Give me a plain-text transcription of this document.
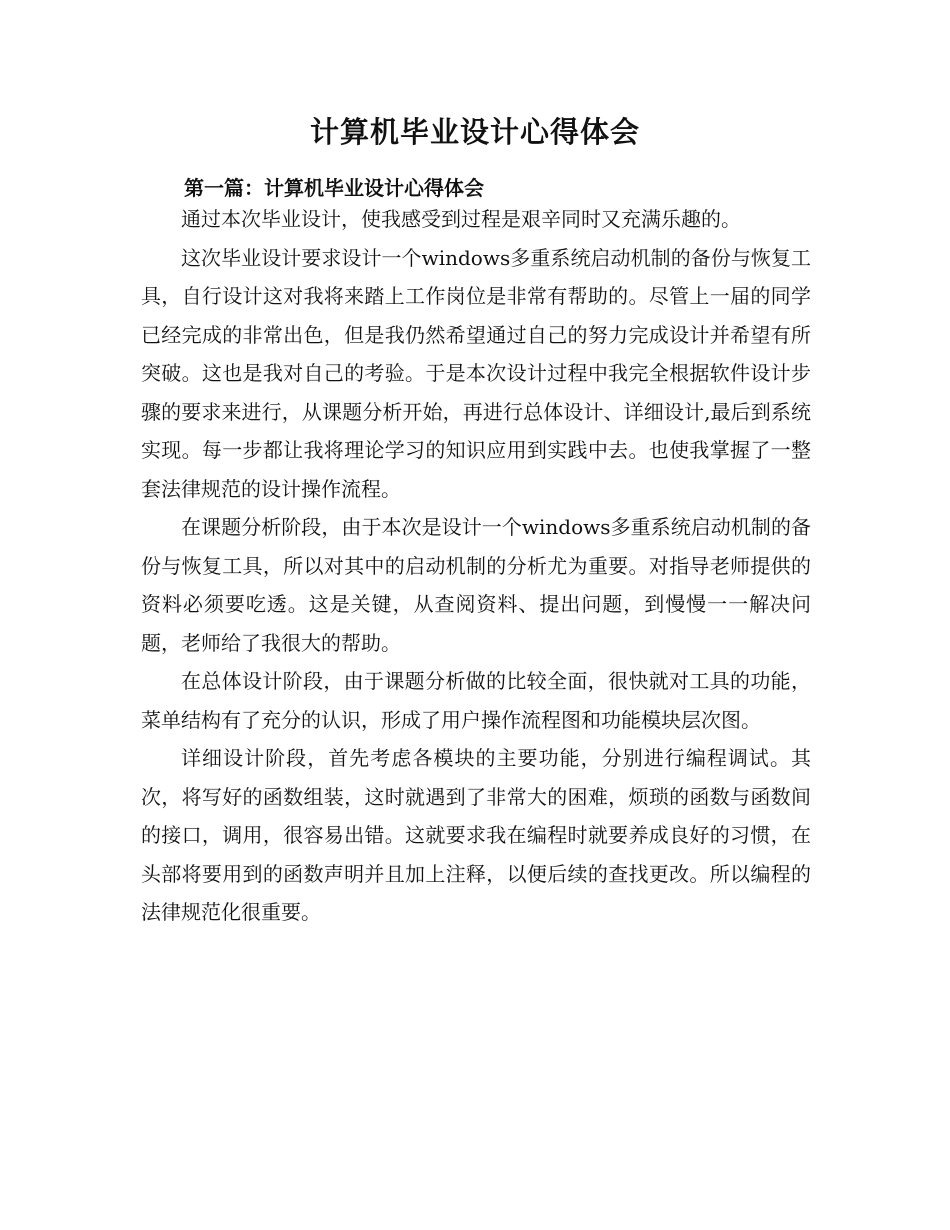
计算机毕业设计心得体会
第一篇：计算机毕业设计心得体会

通过本次毕业设计，使我感受到过程是艰辛同时又充满乐趣的。

这次毕业设计要求设计一个windows多重系统启动机制的备份与恢复工具，自行设计这对我将来踏上工作岗位是非常有帮助的。尽管上一届的同学已经完成的非常出色，但是我仍然希望通过自己的努力完成设计并希望有所突破。这也是我对自己的考验。于是本次设计过程中我完全根据软件设计步骤的要求来进行，从课题分析开始，再进行总体设计、详细设计,最后到系统实现。每一步都让我将理论学习的知识应用到实践中去。也使我掌握了一整套法律规范的设计操作流程。

在课题分析阶段，由于本次是设计一个windows多重系统启动机制的备份与恢复工具，所以对其中的启动机制的分析尤为重要。对指导老师提供的资料必须要吃透。这是关键，从查阅资料、提出问题，到慢慢一一解决问题，老师给了我很大的帮助。

在总体设计阶段，由于课题分析做的比较全面，很快就对工具的功能，菜单结构有了充分的认识，形成了用户操作流程图和功能模块层次图。

详细设计阶段，首先考虑各模块的主要功能，分别进行编程调试。其次，将写好的函数组装，这时就遇到了非常大的困难，烦琐的函数与函数间的接口，调用，很容易出错。这就要求我在编程时就要养成良好的习惯，在头部将要用到的函数声明并且加上注释，以便后续的查找更改。所以编程的法律规范化很重要。
